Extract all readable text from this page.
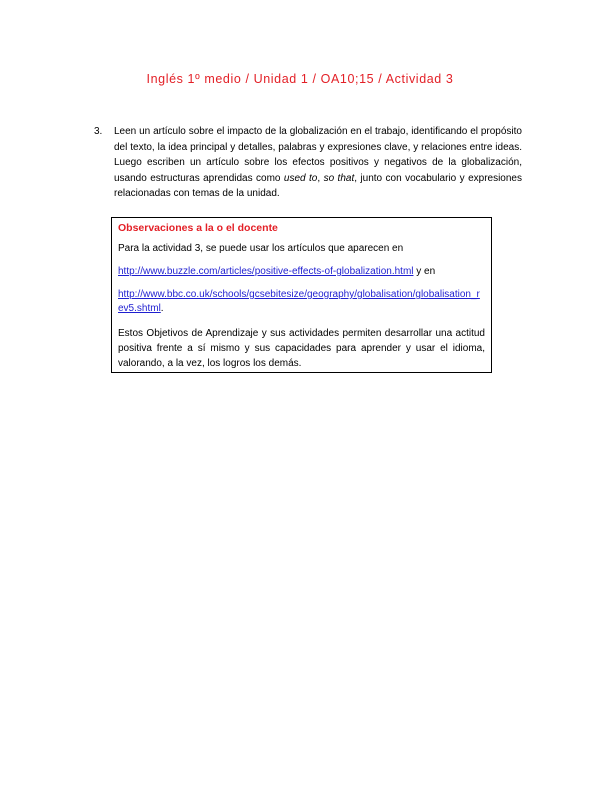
Inglés 1º medio / Unidad 1 / OA10;15 / Actividad 3
3.	Leen un artículo sobre el impacto de la globalización en el trabajo, identificando el propósito del texto, la idea principal y detalles, palabras y expresiones clave, y relaciones entre ideas. Luego escriben un artículo sobre los efectos positivos y negativos de la globalización, usando estructuras aprendidas como used to, so that, junto con vocabulario y expresiones relacionadas con temas de la unidad.

Observaciones a la o el docente

Para la actividad 3, se puede usar los artículos que aparecen en

http://www.buzzle.com/articles/positive-effects-of-globalization.html y en

http://www.bbc.co.uk/schools/gcsebitesize/geography/globalisation/globalisation_rev5.shtml.

Estos Objetivos de Aprendizaje y sus actividades permiten desarrollar una actitud positiva frente a sí mismo y sus capacidades para aprender y usar el idioma, valorando, a la vez, los logros los demás.
